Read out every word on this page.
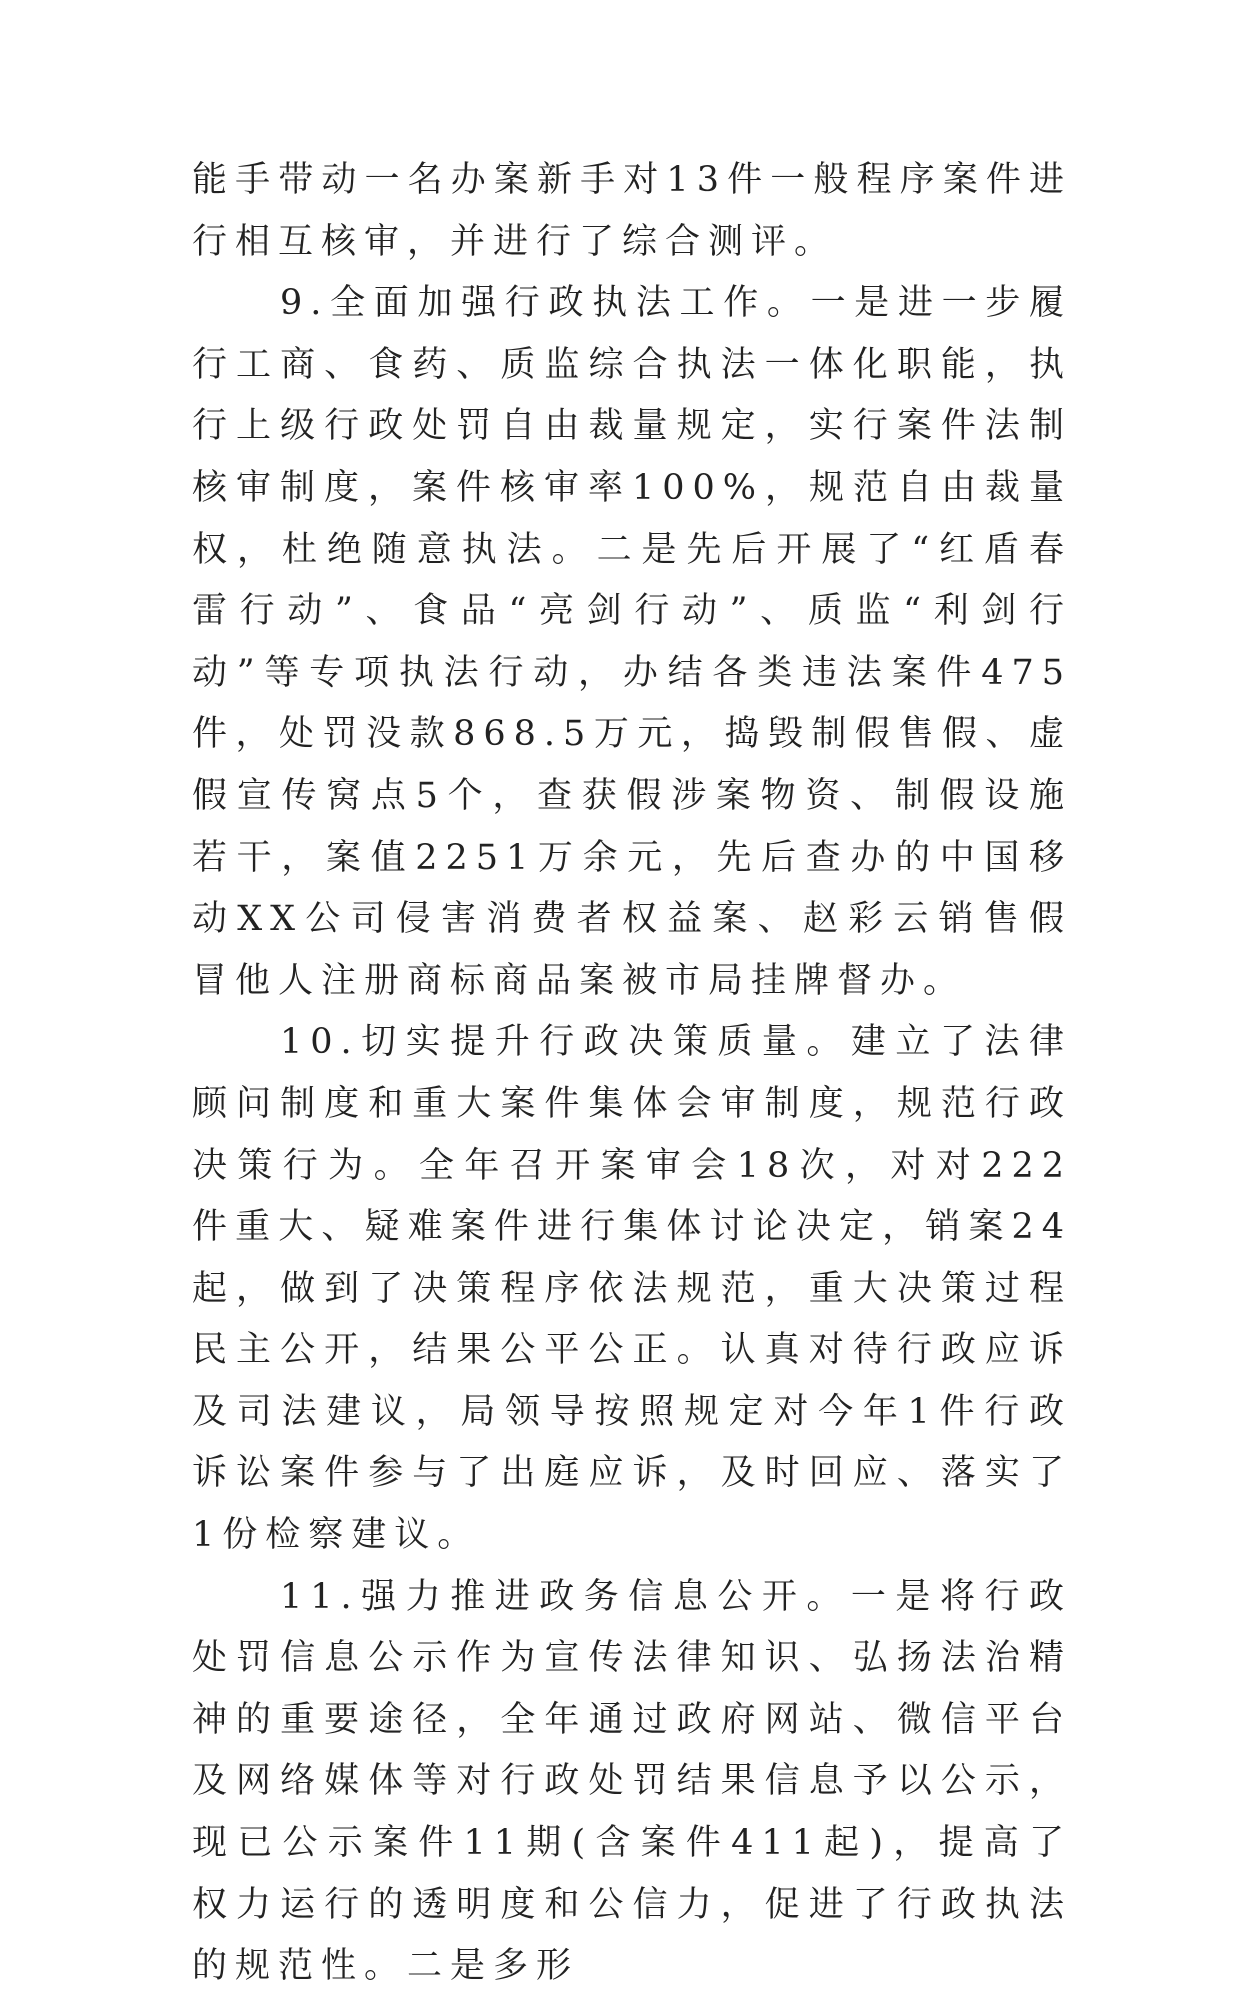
能手带动一名办案新手对13件一般程序案件进行相互核审，并进行了综合测评。

9.全面加强行政执法工作。一是进一步履行工商、食药、质监综合执法一体化职能，执行上级行政处罚自由裁量规定，实行案件法制核审制度，案件核审率100%，规范自由裁量权，杜绝随意执法。二是先后开展了“红盾春雷行动”、食品“亮剑行动”、质监“利剑行动”等专项执法行动，办结各类违法案件475件，处罚没款868.5万元，捣毁制假售假、虚假宣传窝点5个，查获假涉案物资、制假设施若干，案值2251万余元，先后查办的中国移动XX公司侵害消费者权益案、赵彩云销售假冒他人注册商标商品案被市局挂牌督办。

10.切实提升行政决策质量。建立了法律顾问制度和重大案件集体会审制度，规范行政决策行为。全年召开案审会18次，对对222件重大、疑难案件进行集体讨论决定，销案24起，做到了决策程序依法规范，重大决策过程民主公开，结果公平公正。认真对待行政应诉及司法建议，局领导按照规定对今年1件行政诉讼案件参与了出庭应诉，及时回应、落实了1份检察建议。

11.强力推进政务信息公开。一是将行政处罚信息公示作为宣传法律知识、弘扬法治精神的重要途径，全年通过政府网站、微信平台及网络媒体等对行政处罚结果信息予以公示，现已公示案件11期(含案件411起)，提高了权力运行的透明度和公信力，促进了行政执法的规范性。二是多形
